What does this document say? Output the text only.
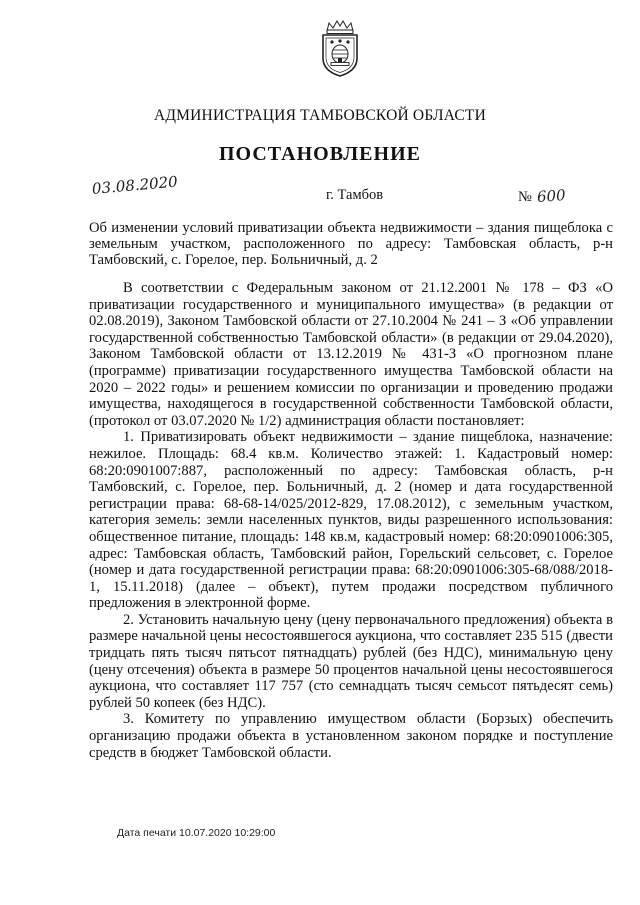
АДМИНИСТРАЦИЯ ТАМБОВСКОЙ ОБЛАСТИ
ПОСТАНОВЛЕНИЕ
03.08.2020	г. Тамбов	№ 600

Об изменении условий приватизации объекта недвижимости – здания пищеблока с земельным участком, расположенного по адресу: Тамбовская область, р-н Тамбовский, с. Горелое, пер. Больничный, д. 2

В соответствии с Федеральным законом от 21.12.2001 № 178 – ФЗ «О приватизации государственного и муниципального имущества» (в редакции от 02.08.2019), Законом Тамбовской области от 27.10.2004 № 241 – З «Об управлении государственной собственностью Тамбовской области» (в редакции от 29.04.2020), Законом Тамбовской области от 13.12.2019 № 431-З «О прогнозном плане (программе) приватизации государственного имущества Тамбовской области на 2020 – 2022 годы» и решением комиссии по организации и проведению продажи имущества, находящегося в государственной собственности Тамбовской области, (протокол от 03.07.2020 № 1/2) администрация области постановляет:

1. Приватизировать объект недвижимости – здание пищеблока, назначение: нежилое. Площадь: 68.4 кв.м. Количество этажей: 1. Кадастровый номер: 68:20:0901007:887, расположенный по адресу: Тамбовская область, р-н Тамбовский, с. Горелое, пер. Больничный, д. 2 (номер и дата государственной регистрации права: 68-68-14/025/2012-829, 17.08.2012), с земельным участком, категория земель: земли населенных пунктов, виды разрешенного использования: общественное питание, площадь: 148 кв.м, кадастровый номер: 68:20:0901006:305, адрес: Тамбовская область, Тамбовский район, Горельский сельсовет, с. Горелое (номер и дата государственной регистрации права: 68:20:0901006:305-68/088/2018-1, 15.11.2018) (далее – объект), путем продажи посредством публичного предложения в электронной форме.

2. Установить начальную цену (цену первоначального предложения) объекта в размере начальной цены несостоявшегося аукциона, что составляет 235 515 (двести тридцать пять тысяч пятьсот пятнадцать) рублей (без НДС), минимальную цену (цену отсечения) объекта в размере 50 процентов начальной цены несостоявшегося аукциона, что составляет 117 757 (сто семнадцать тысяч семьсот пятьдесят семь) рублей 50 копеек (без НДС).

3. Комитету по управлению имуществом области (Борзых) обеспечить организацию продажи объекта в установленном законом порядке и поступление средств в бюджет Тамбовской области.

Дата печати 10.07.2020 10:29:00
